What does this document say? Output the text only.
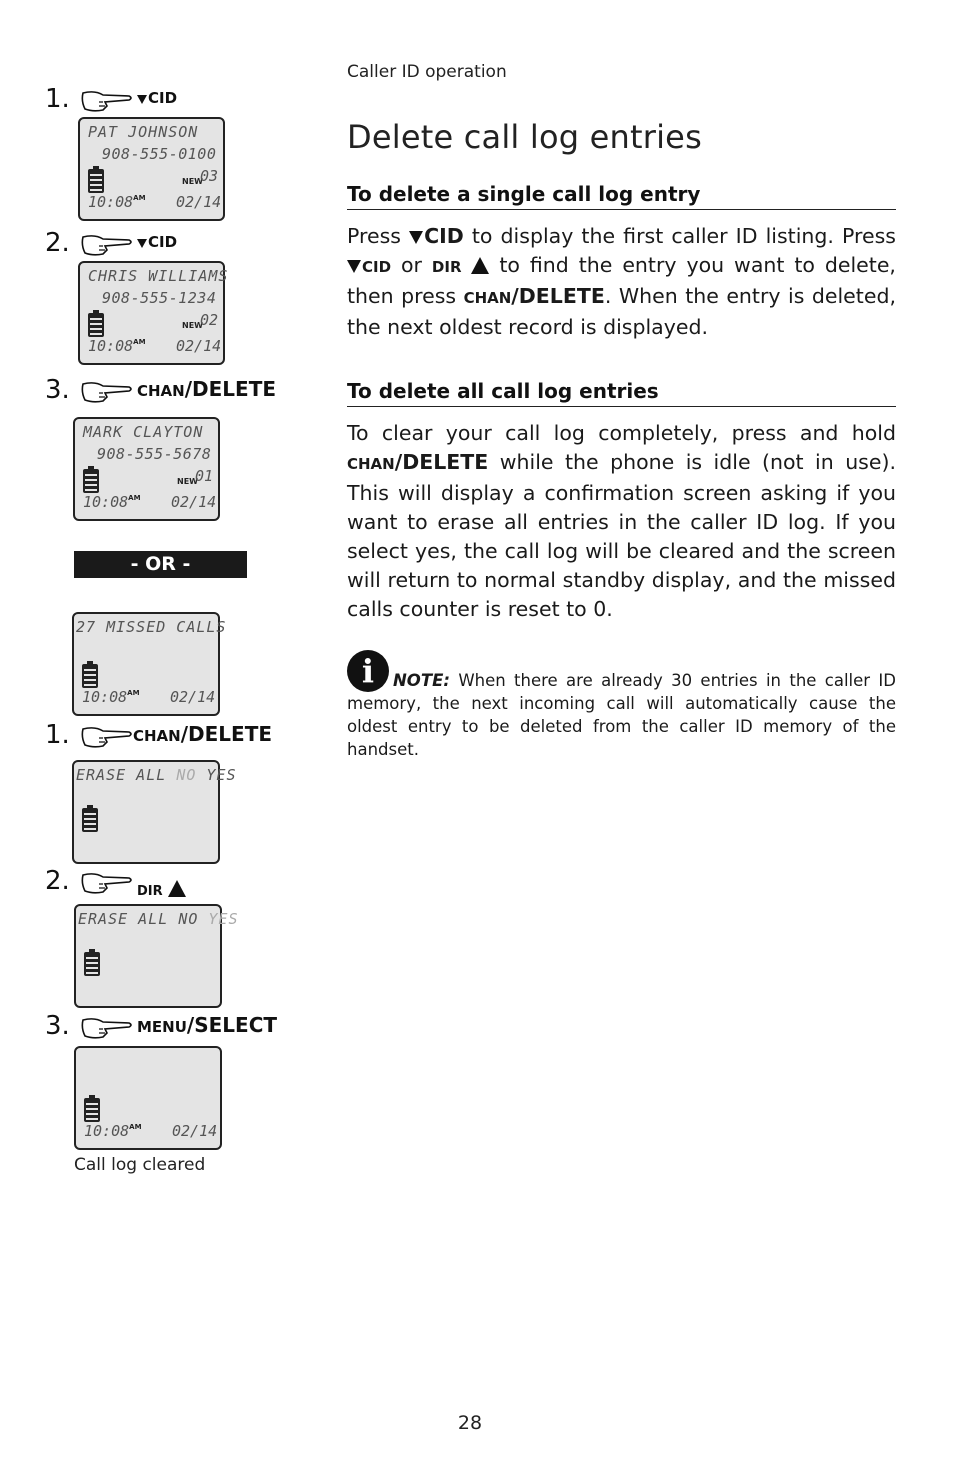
Caller ID operation
Delete call log entries
To delete a single call log entry

Press CID to display the first caller ID listing. Press CID or DIR to find the entry you want to delete, then press CHAN/DELETE. When the entry is deleted, the next oldest record is displayed.

To delete all call log entries

To clear your call log completely, press and hold CHAN/DELETE while the phone is idle (not in use). This will display a confirmation screen asking if you want to erase all entries in the caller ID log. If you select yes, the call log will be cleared and the screen will return to normal standby display, and the missed calls counter is reset to 0.

i NOTE: When there are already 30 entries in the caller ID memory, the next incoming call will automatically cause the oldest entry to be deleted from the caller ID memory of the handset.
28
1.	CID
PAT JOHNSON
908-555-0100
NEW
03
$10:08^{AM}$ 02/14
2.	CID
CHRIS WILLIAMS
908-555-1234
NEW
02
$10:08^{AM}$ 02/14
3.	CHAN/DELETE
MARK CLAYTON
908-555-5678
NEW
01
$10:08^{AM}$ 02/14
- OR -
27 MISSED CALLS
$10:08^{AM}$ 02/14
1.	CHAN/DELETE
ERASE ALL NO YES
2.	DIR
ERASE ALL NO YES
3.	MENU/SELECT
$10:08^{AM}$ 02/14
Call log cleared
